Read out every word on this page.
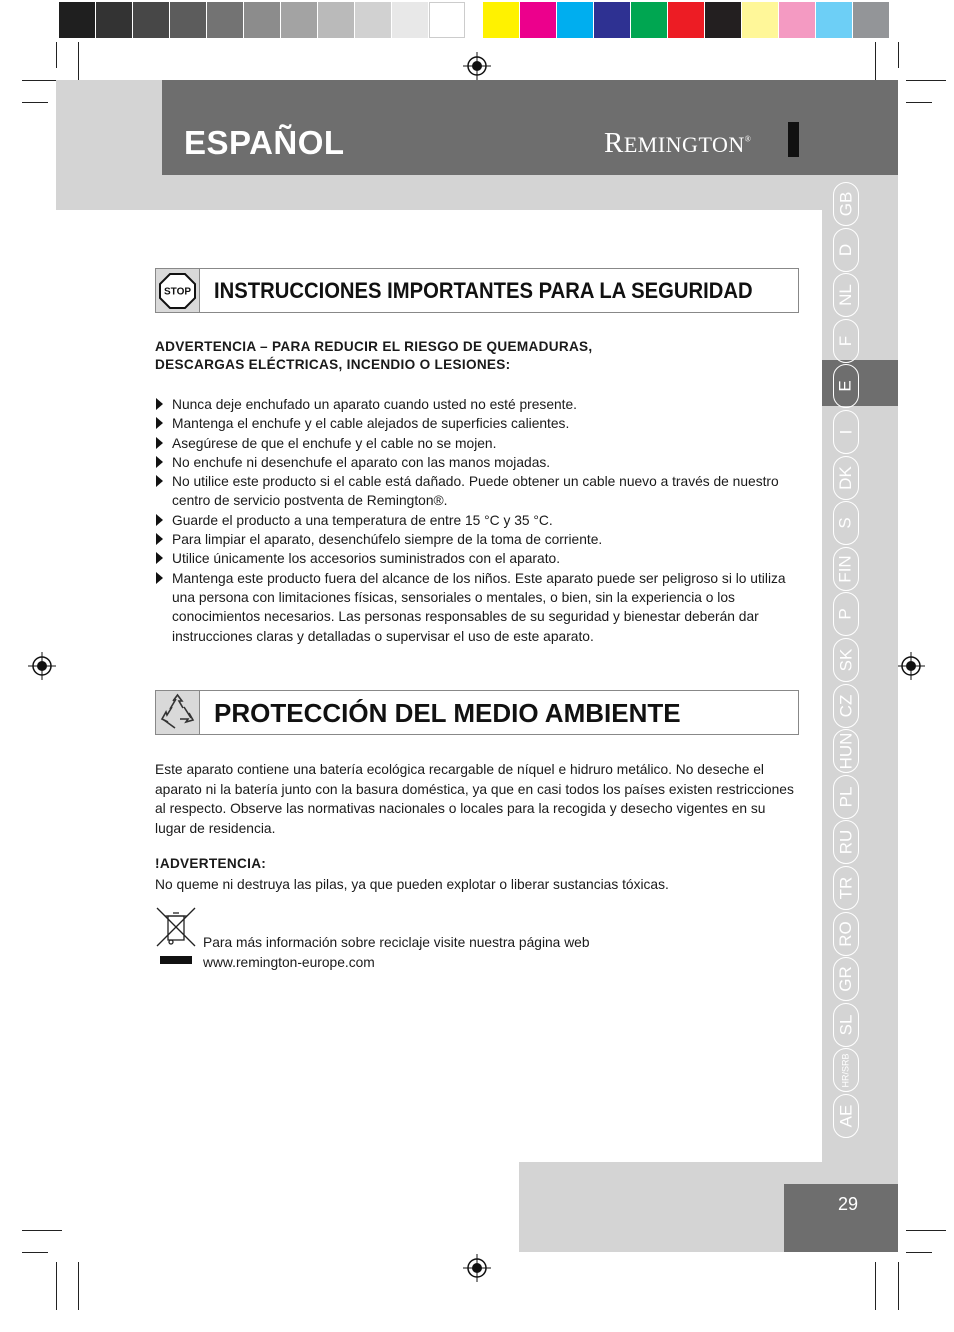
ESPAÑOL	REMINGTON®
GB
D
NL
F
E
I
DK
S
FIN
P
SK
CZ
HUN
PL
RU
TR
RO
GR
SL
HR/SRB
AE
STOP INSTRUCCIONES IMPORTANTES PARA LA SEGURIDAD
ADVERTENCIA – PARA REDUCIR EL RIESGO DE QUEMADURAS,
DESCARGAS ELÉCTRICAS, INCENDIO O LESIONES:
Nunca deje enchufado un aparato cuando usted no esté presente.
Mantenga el enchufe y el cable alejados de superficies calientes.
Asegúrese de que el enchufe y el cable no se mojen.
No enchufe ni desenchufe el aparato con las manos mojadas.
No utilice este producto si el cable está dañado. Puede obtener un cable nuevo a través de nuestro centro de servicio postventa de Remington®.
Guarde el producto a una temperatura de entre 15 °C y 35 °C.
Para limpiar el aparato, desenchúfelo siempre de la toma de corriente.
Utilice únicamente los accesorios suministrados con el aparato.
Mantenga este producto fuera del alcance de los niños. Este aparato puede ser peligroso si lo utiliza una persona con limitaciones físicas, sensoriales o mentales, o bien, sin la experiencia o los conocimientos necesarios. Las personas responsables de su seguridad y bienestar deberán dar instrucciones claras y detalladas o supervisar el uso de este aparato.
PROTECCIÓN DEL MEDIO AMBIENTE
Este aparato contiene una batería ecológica recargable de níquel e hidruro metálico. No deseche el aparato ni la batería junto con la basura doméstica, ya que en casi todos los países existen restricciones al respecto. Observe las normativas nacionales o locales para la recogida y desecho vigentes en su lugar de residencia.
!ADVERTENCIA:
No queme ni destruya las pilas, ya que pueden explotar o liberar sustancias tóxicas.
Para más información sobre reciclaje visite nuestra página web
www.remington-europe.com
29
